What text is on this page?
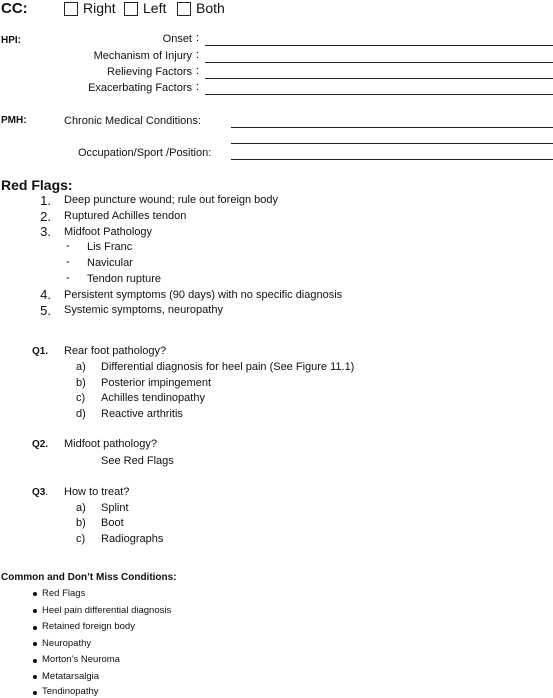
CC:	Right Left Both
HPI:	Onset :
Mechanism of Injury :
Relieving Factors :
Exacerbating Factors :
PMH:	Chronic Medical Conditions:
Occupation/Sport /Position:
Red Flags:
1. Deep puncture wound; rule out foreign body
2. Ruptured Achilles tendon
3. Midfoot Pathology
- Lis Franc
- Navicular
- Tendon rupture
4. Persistent symptoms (90 days) with no specific diagnosis
5. Systemic symptoms, neuropathy
Q1. Rear foot pathology?
a) Differential diagnosis for heel pain (See Figure 11.1)
b) Posterior impingement
c) Achilles tendinopathy
d) Reactive arthritis
Q2. Midfoot pathology?
See Red Flags
Q3. How to treat?
a) Splint
b) Boot
c) Radiographs
Common and Don’t Miss Conditions:
Red Flags
Heel pain differential diagnosis
Retained foreign body
Neuropathy
Morton’s Neuroma
Metatarsalgia
Tendinopathy
